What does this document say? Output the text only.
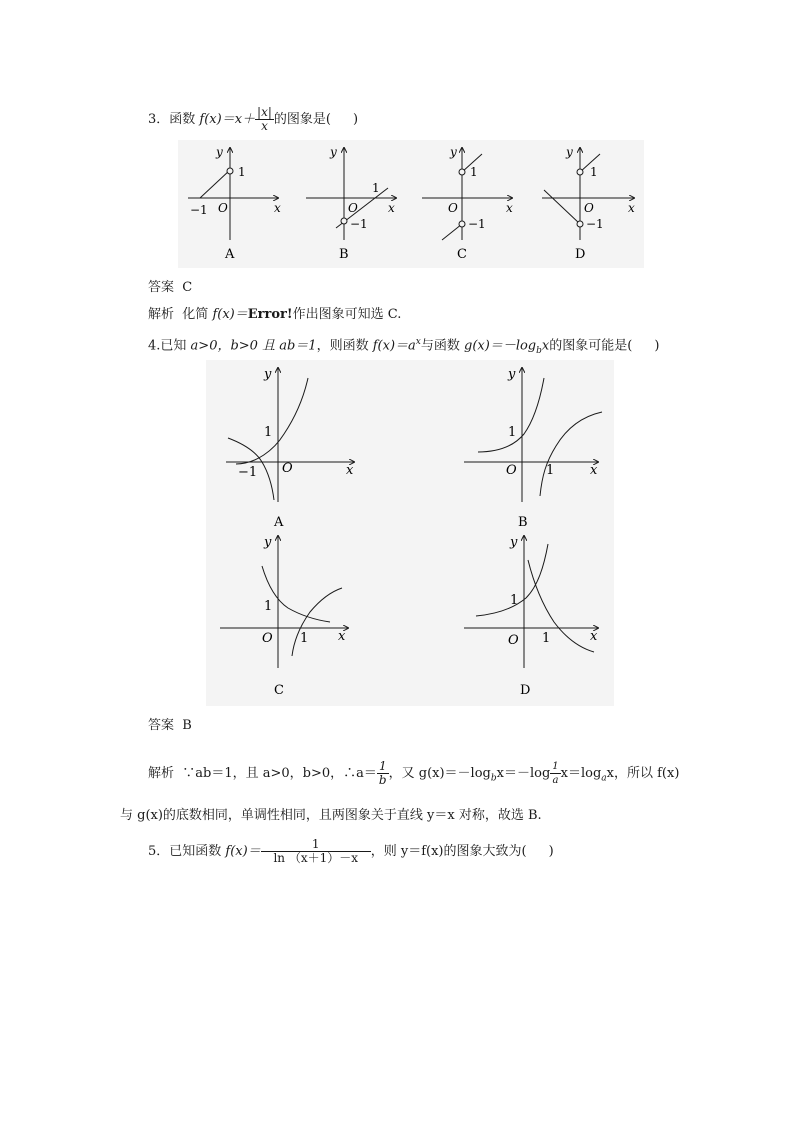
3．函数 $f(x)=x+ \frac{|x|}{x}$ 的图象是( )
y
x
O
1
−1
A
y
x
O
1
−1
B
y
x
O
1
−1
C
y
x
O
1
−1
D
答案 C
解析 化简 f(x)＝Error!作出图象可知选 C.
4.已知 a>0，b>0 且 ab＝1，则函数 $f(x)=a^x$与函数 $g(x)=-\log_bx$的图象可能是( )
y
x
O
1
−1
A
y
x
O
1
1
B
y
x
O
1
1
C
y
x
O
1
1
D
答案 B
解析 ∵ab＝1，且 a>0，b>0，∴a＝ $\frac{1}{b}$ ，又 $g(x)=-\log_bx=-\log \frac{1}{a} x=\log_ax$，所以 f(x)
与 g(x)的底数相同，单调性相同，且两图象关于直线 y＝x 对称，故选 B.
5．已知函数 $f(x)= \frac{1}{\ln (x+1)-x}$ ，则 y＝f(x)的图象大致为( )
